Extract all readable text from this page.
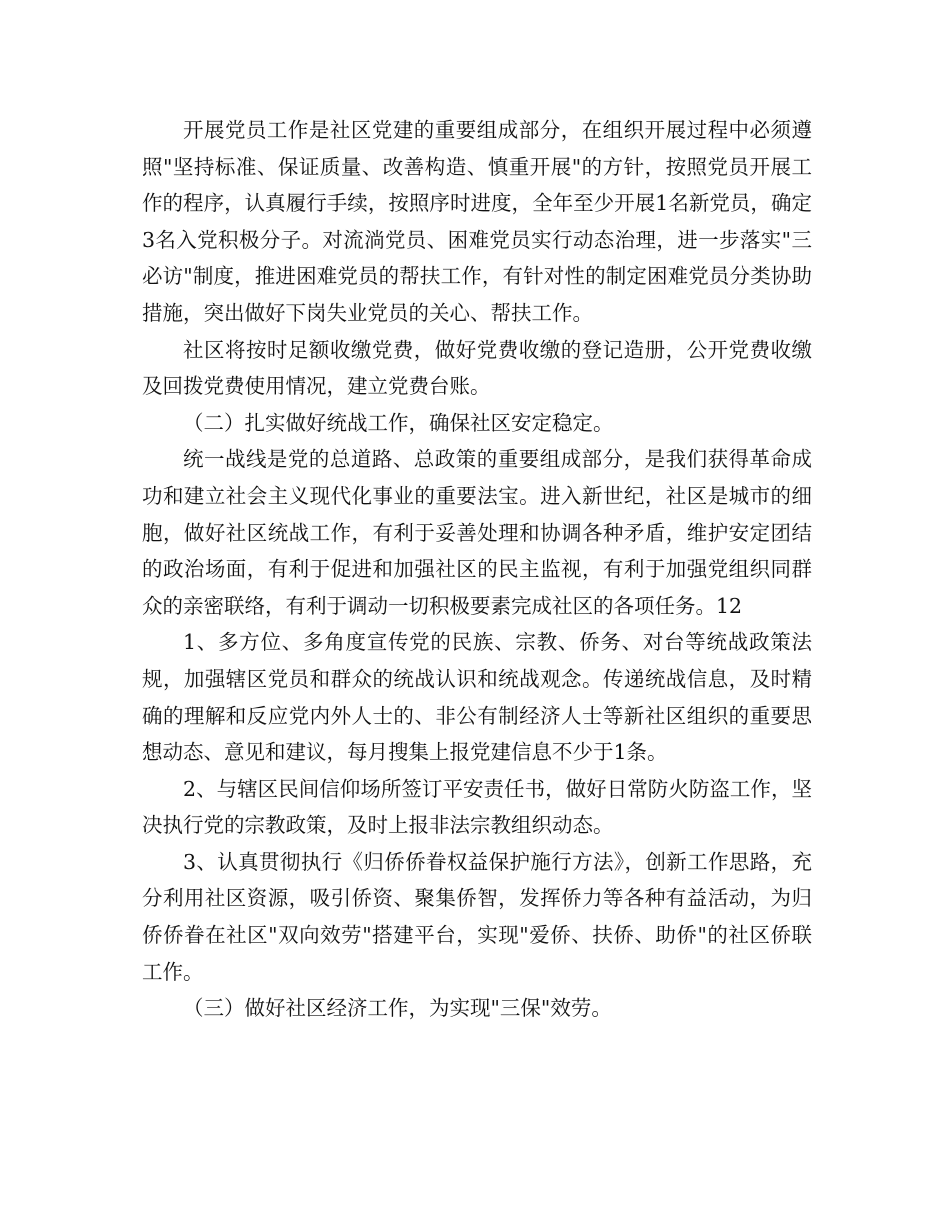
开展党员工作是社区党建的重要组成部分，在组织开展过程中必须遵照"坚持标准、保证质量、改善构造、慎重开展"的方针，按照党员开展工作的程序，认真履行手续，按照序时进度，全年至少开展1名新党员，确定3名入党积极分子。对流淌党员、困难党员实行动态治理，进一步落实"三必访"制度，推进困难党员的帮扶工作，有针对性的制定困难党员分类协助措施，突出做好下岗失业党员的关心、帮扶工作。

社区将按时足额收缴党费，做好党费收缴的登记造册，公开党费收缴及回拨党费使用情况，建立党费台账。

（二）扎实做好统战工作，确保社区安定稳定。

统一战线是党的总道路、总政策的重要组成部分，是我们获得革命成功和建立社会主义现代化事业的重要法宝。进入新世纪，社区是城市的细胞，做好社区统战工作，有利于妥善处理和协调各种矛盾，维护安定团结的政治场面，有利于促进和加强社区的民主监视，有利于加强党组织同群众的亲密联络，有利于调动一切积极要素完成社区的各项任务。12

1、多方位、多角度宣传党的民族、宗教、侨务、对台等统战政策法规，加强辖区党员和群众的统战认识和统战观念。传递统战信息，及时精确的理解和反应党内外人士的、非公有制经济人士等新社区组织的重要思想动态、意见和建议，每月搜集上报党建信息不少于1条。

2、与辖区民间信仰场所签订平安责任书，做好日常防火防盗工作，坚决执行党的宗教政策，及时上报非法宗教组织动态。

3、认真贯彻执行《归侨侨眷权益保护施行方法》，创新工作思路，充分利用社区资源，吸引侨资、聚集侨智，发挥侨力等各种有益活动，为归侨侨眷在社区"双向效劳"搭建平台，实现"爱侨、扶侨、助侨"的社区侨联工作。

（三）做好社区经济工作，为实现"三保"效劳。
